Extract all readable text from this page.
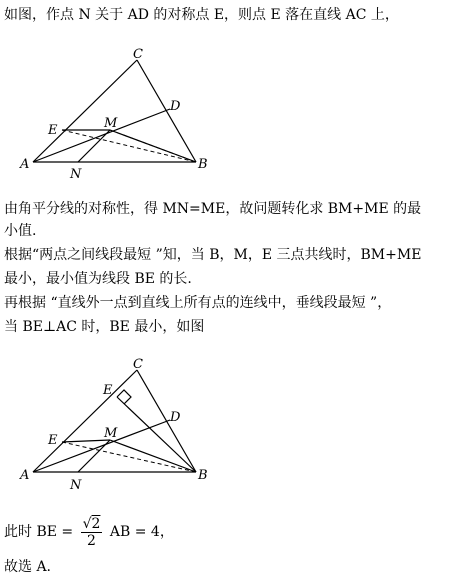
如图，作点 N 关于 AD 的对称点 E，则点 E 落在直线 AC 上，
C
D
M
E
A
N
B
由角平分线的对称性，得 MN=ME，故问题转化求 BM+ME 的最
小值.
根据“两点之间线段最短 ”知，当 B，M，E 三点共线时，BM+ME
最小，最小值为线段 BE 的长.
再根据 “直线外一点到直线上所有点的连线中，垂线段最短 ”，
当 BE⊥AC 时，BE 最小，如图
C
E
D
M
E
A
N
B
此时 BE = $\frac{√2}{2}$ AB = 4，
故选 A.
